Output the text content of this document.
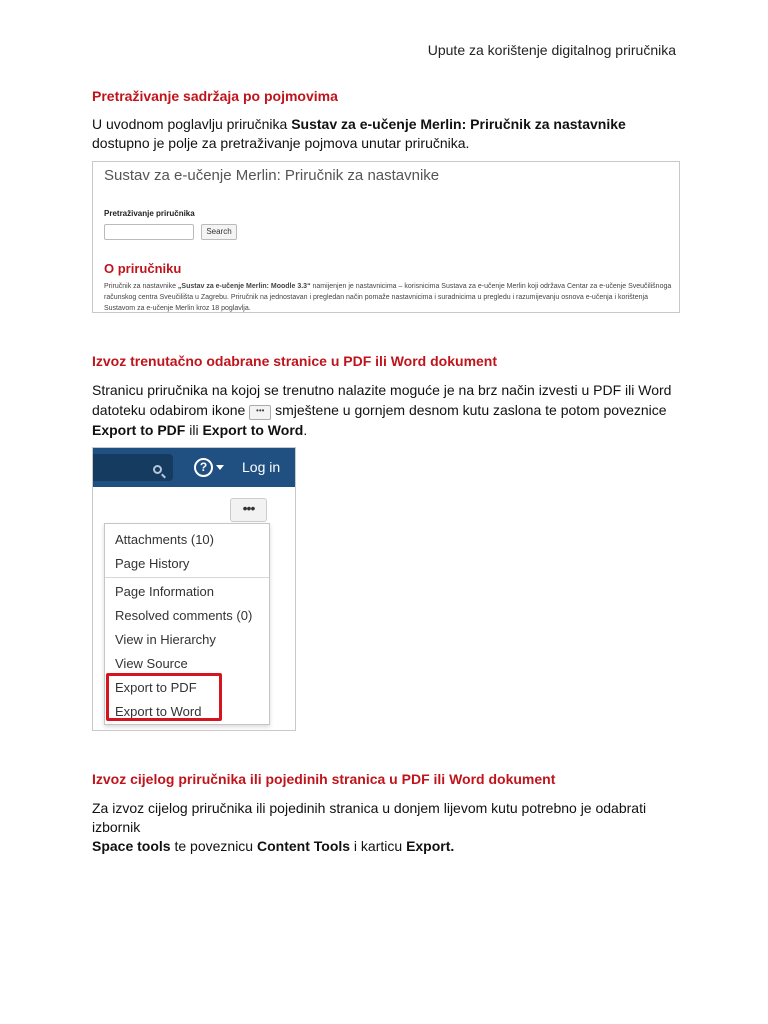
Upute za korištenje digitalnog priručnika
Pretraživanje sadržaja po pojmovima
U uvodnom poglavlju priručnika Sustav za e-učenje Merlin: Priručnik za nastavnike dostupno je polje za pretraživanje pojmova unutar priručnika.
Sustav za e-učenje Merlin: Priručnik za nastavnike
Pretraživanje priručnika
Search
O priručniku
Priručnik za nastavnike „Sustav za e-učenje Merlin: Moodle 3.3“ namijenjen je nastavnicima – korisnicima Sustava za e-učenje Merlin koji održava Centar za e-učenje Sveučilišnoga računskog centra Sveučilišta u Zagrebu. Priručnik na jednostavan i pregledan način pomaže nastavnicima i suradnicima u pregledu i razumijevanju osnova e-učenja i korištenja Sustavom za e-učenje Merlin kroz 18 poglavlja.
Izvoz trenutačno odabrane stranice u PDF ili Word dokument
Stranicu priručnika na kojoj se trenutno nalazite moguće je na brz način izvesti u PDF ili Word
datoteku odabirom ikone ••• smještene u gornjem desnom kutu zaslona te potom poveznice Export to PDF ili Export to Word.
?	Log in
•••
Attachments (10)
Page History
Page Information
Resolved comments (0)
View in Hierarchy
View Source
Export to PDF
Export to Word
Izvoz cijelog priručnika ili pojedinih stranica u PDF ili Word dokument
Za izvoz cijelog priručnika ili pojedinih stranica u donjem lijevom kutu potrebno je odabrati izbornik
Space tools te poveznicu Content Tools i karticu Export.
